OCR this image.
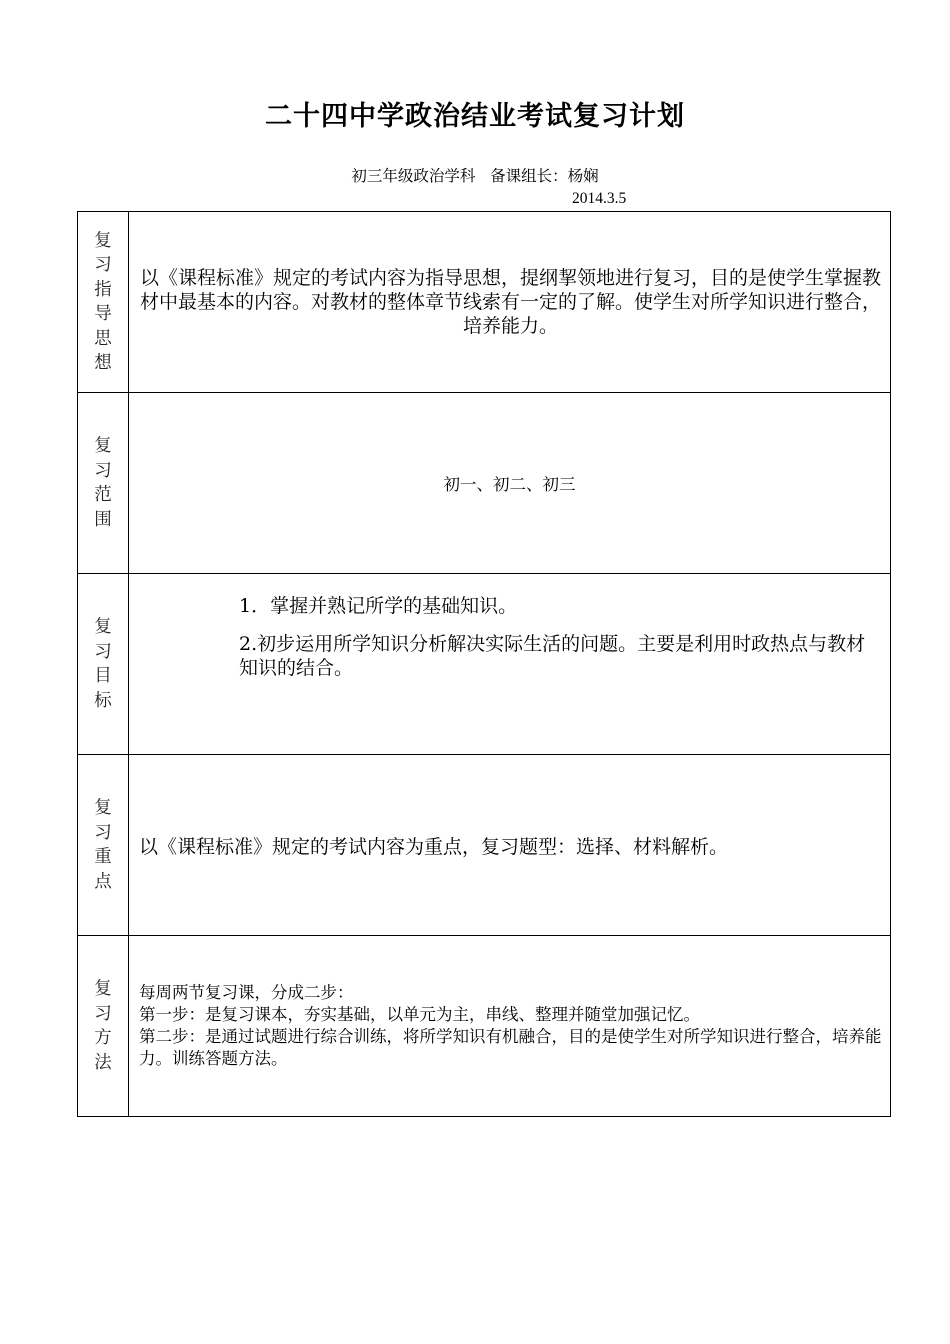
二十四中学政治结业考试复习计划
初三年级政治学科   备课组长：杨娴
2014.3.5
复习指导思想	以《课程标准》规定的考试内容为指导思想，提纲挈领地进行复习，目的是使学生掌握教材中最基本的内容。对教材的整体章节线索有一定的了解。使学生对所学知识进行整合，培养能力。

复习范围	初一、初二、初三
复习目标	1．掌握并熟记所学的基础知识。

2.初步运用所学知识分析解决实际生活的问题。主要是利用时政热点与教材知识的结合。

复习重点	以《课程标准》规定的考试内容为重点，复习题型：选择、材料解析。
复习方法	每周两节复习课，分成二步：
第一步：是复习课本，夯实基础，以单元为主，串线、整理并随堂加强记忆。
第二步：是通过试题进行综合训练，将所学知识有机融合，目的是使学生对所学知识进行整合，培养能力。训练答题方法。
